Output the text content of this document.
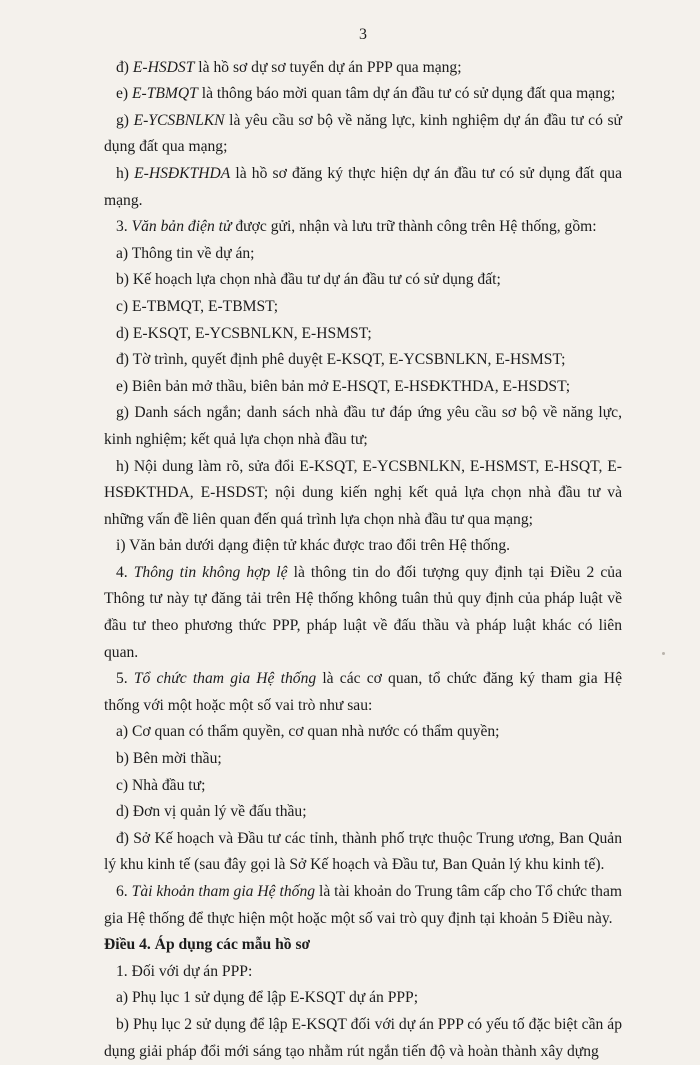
3

đ) E-HSDST là hồ sơ dự sơ tuyển dự án PPP qua mạng;

e) E-TBMQT là thông báo mời quan tâm dự án đầu tư có sử dụng đất qua mạng;

g) E-YCSBNLKN là yêu cầu sơ bộ về năng lực, kinh nghiệm dự án đầu tư có sử dụng đất qua mạng;

h) E-HSĐKTHDA là hồ sơ đăng ký thực hiện dự án đầu tư có sử dụng đất qua mạng.

3. Văn bản điện tử được gửi, nhận và lưu trữ thành công trên Hệ thống, gồm:

a) Thông tin về dự án;

b) Kế hoạch lựa chọn nhà đầu tư dự án đầu tư có sử dụng đất;

c) E-TBMQT, E-TBMST;

d) E-KSQT, E-YCSBNLKN, E-HSMST;

đ) Tờ trình, quyết định phê duyệt E-KSQT, E-YCSBNLKN, E-HSMST;

e) Biên bản mở thầu, biên bản mở E-HSQT, E-HSĐKTHDA, E-HSDST;

g) Danh sách ngắn; danh sách nhà đầu tư đáp ứng yêu cầu sơ bộ về năng lực, kinh nghiệm; kết quả lựa chọn nhà đầu tư;

h) Nội dung làm rõ, sửa đổi E-KSQT, E-YCSBNLKN, E-HSMST, E-HSQT, E-HSĐKTHDA, E-HSDST; nội dung kiến nghị kết quả lựa chọn nhà đầu tư và những vấn đề liên quan đến quá trình lựa chọn nhà đầu tư qua mạng;

i) Văn bản dưới dạng điện tử khác được trao đổi trên Hệ thống.

4. Thông tin không hợp lệ là thông tin do đối tượng quy định tại Điều 2 của Thông tư này tự đăng tải trên Hệ thống không tuân thủ quy định của pháp luật về đầu tư theo phương thức PPP, pháp luật về đấu thầu và pháp luật khác có liên quan.

5. Tổ chức tham gia Hệ thống là các cơ quan, tổ chức đăng ký tham gia Hệ thống với một hoặc một số vai trò như sau:

a) Cơ quan có thẩm quyền, cơ quan nhà nước có thẩm quyền;

b) Bên mời thầu;

c) Nhà đầu tư;

d) Đơn vị quản lý về đấu thầu;

đ) Sở Kế hoạch và Đầu tư các tỉnh, thành phố trực thuộc Trung ương, Ban Quản lý khu kinh tế (sau đây gọi là Sở Kế hoạch và Đầu tư, Ban Quản lý khu kinh tế).

6. Tài khoản tham gia Hệ thống là tài khoản do Trung tâm cấp cho Tổ chức tham gia Hệ thống để thực hiện một hoặc một số vai trò quy định tại khoản 5 Điều này.

Điều 4. Áp dụng các mẫu hồ sơ

1. Đối với dự án PPP:

a) Phụ lục 1 sử dụng để lập E-KSQT dự án PPP;

b) Phụ lục 2 sử dụng để lập E-KSQT đối với dự án PPP có yếu tố đặc biệt cần áp dụng giải pháp đổi mới sáng tạo nhằm rút ngắn tiến độ và hoàn thành xây dựng
